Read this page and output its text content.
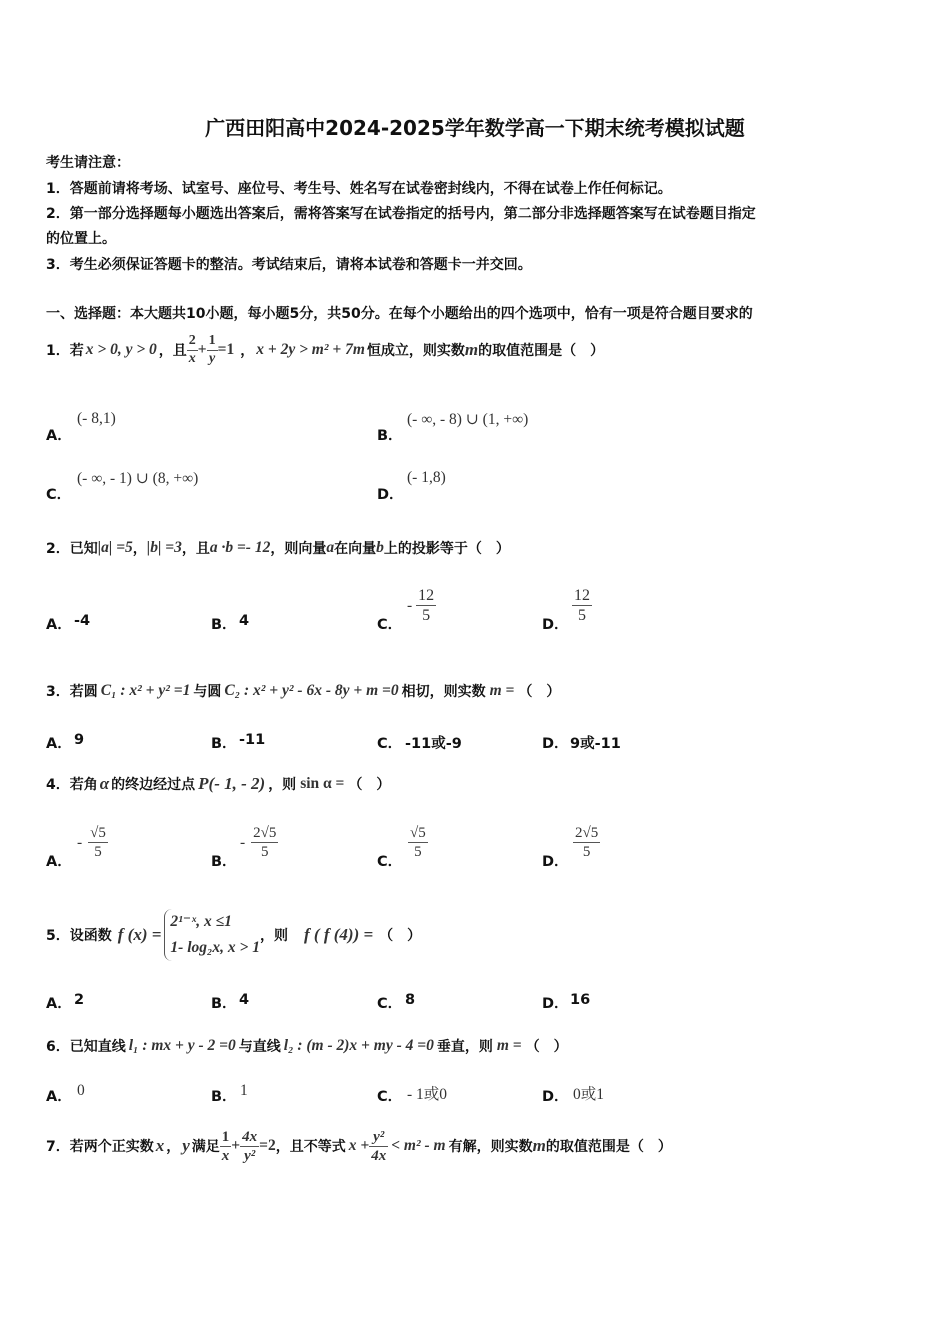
广西田阳高中2024-2025学年数学高一下期末统考模拟试题
考生请注意：
1．答题前请将考场、试室号、座位号、考生号、姓名写在试卷密封线内，不得在试卷上作任何标记。
2．第一部分选择题每小题选出答案后，需将答案写在试卷指定的括号内，第二部分非选择题答案写在试卷题目指定
的位置上。
3．考生必须保证答题卡的整洁。考试结束后，请将本试卷和答题卡一并交回。
一、选择题：本大题共10小题，每小题5分，共50分。在每个小题给出的四个选项中，恰有一项是符合题目要求的
1．若 x > 0, y > 0 ，且 $\frac{2}{x} + \frac{1}{y} =1$ ， x + 2y > m² + 7m 恒成立，则实数 m 的取值范围是（　）
A．
(- 8,1)
B．
(- ∞, - 8) ∪ (1, +∞)
C．
(- ∞, - 1) ∪ (8, +∞)
D．
(- 1,8)
2．已知 |a| =5 ， |b| =3 ，且 a ·b =- 12 ，则向量 a 在向量 b 上的投影等于（　）
A． -4	B． 4	C．
- $\frac{12}{5}$	D． $\frac{12}{5}$
3．若圆 C₁ : x² + y² =1 与圆 C₂ : x² + y² - 6x - 8y + m =0 相切，则实数 m = （　）
A． 9	B． -11	C． -11或-9	D． 9或-11
4．若角 α 的终边经过点 P(- 1, - 2) ，则 sin α = （　）
A．
- $\frac{√5}{5}$
B．
- $\frac{2√5}{5}$
C．
$\frac{√5}{5}$
D．
$\frac{2√5}{5}$
5．设函数 f (x) =
2¹⁻ˣ, x ≤1
1- log₂x, x > 1
，则 f ( f (4)) = （　）
A． 2	B． 4	C． 8	D． 16
6．已知直线 l₁ : mx + y - 2 =0 与直线 l₂ : (m - 2)x + my - 4 =0 垂直，则 m = （　）
A． 0	B． 1	C． - 1或0	D． 0或1
7．若两个正实数 x ， y 满足 $\frac{1}{x} + \frac{4x}{\text{y²}} =2$ ，且不等式 $x + \frac{\text{y²}}{4x} < m^2 - m$ 有解，则实数 m 的取值范围是（　）
